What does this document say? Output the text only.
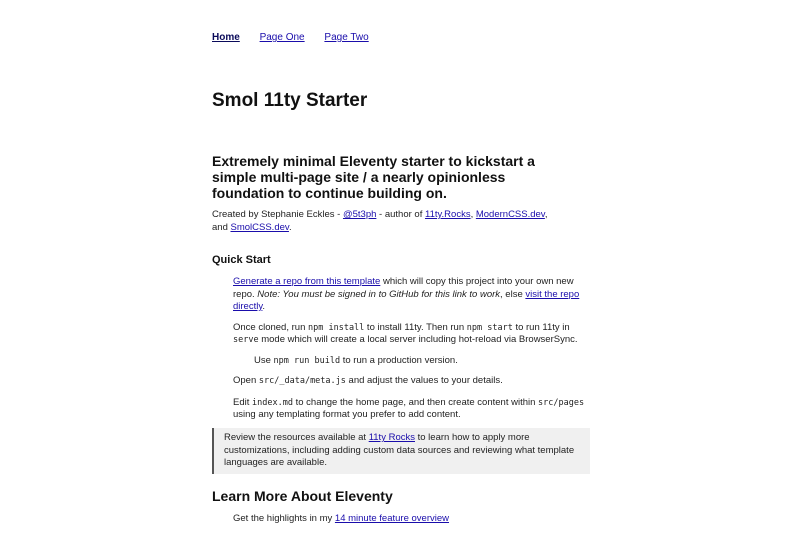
Home Page One Page Two
Smol 11ty Starter

Extremely minimal Eleventy starter to kickstart a simple multi-page site / a nearly opinionless foundation to continue building on.

Created by Stephanie Eckles - @5t3ph - author of 11ty.Rocks, ModernCSS.dev, and SmolCSS.dev.

Quick Start
Generate a repo from this template which will copy this project into your own new repo. Note: You must be signed in to GitHub for this link to work, else visit the repo directly.
Once cloned, run npm install to install 11ty. Then run npm start to run 11ty in serve mode which will create a local server including hot-reload via BrowserSync.
Use npm run build to run a production version.
Open src/_data/meta.js and adjust the values to your details.
Edit index.md to change the home page, and then create content within src/pages using any templating format you prefer to add content.
Review the resources available at 11ty Rocks to learn how to apply more customizations, including adding custom data sources and reviewing what template languages are available.
Learn More About Eleventy
Get the highlights in my 14 minute feature overview
